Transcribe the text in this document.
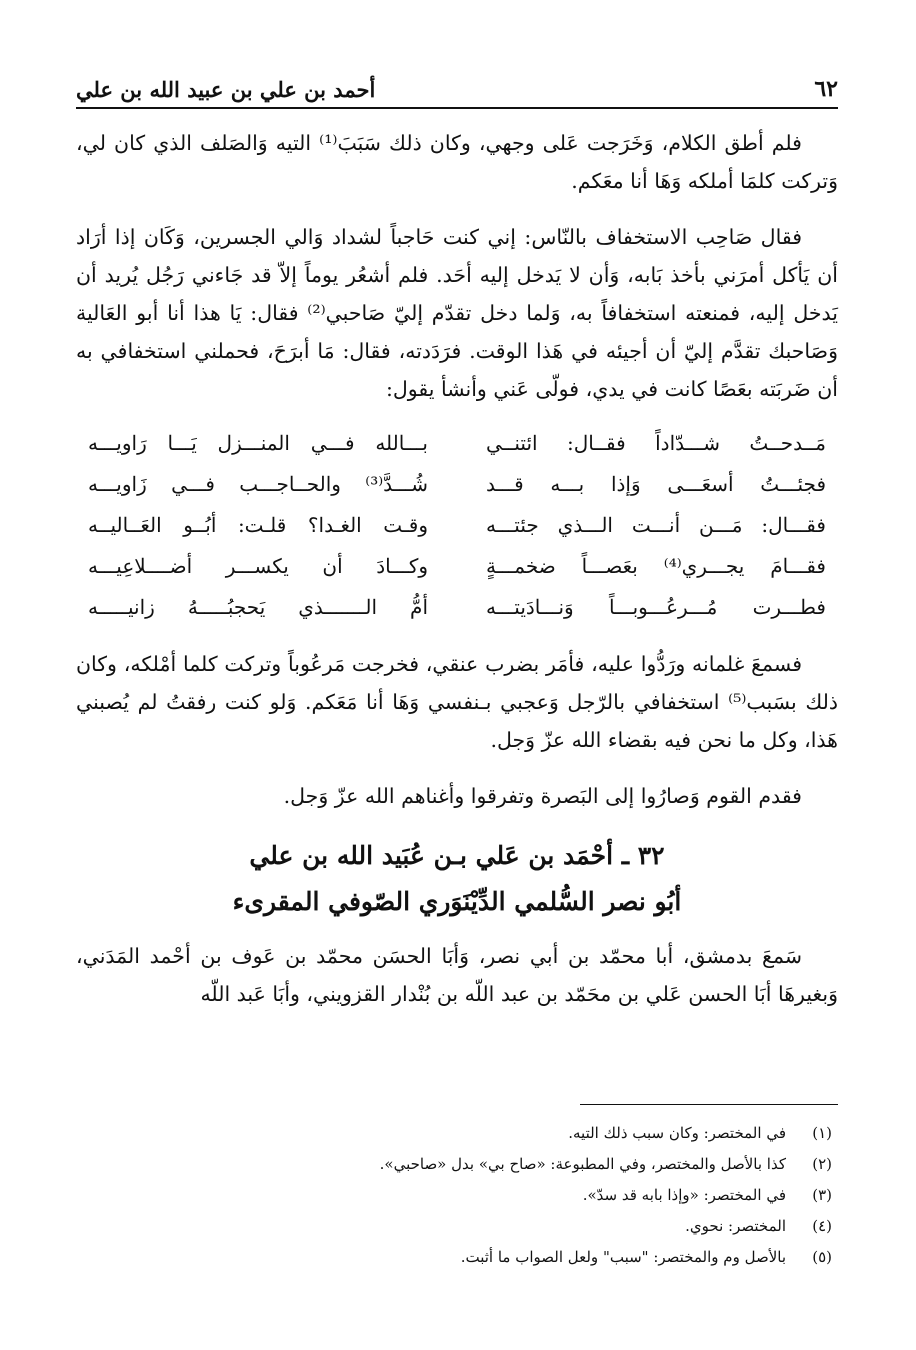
٦٢
أحمد بن علي بن عبيد الله بن علي

فلم أطق الكلام، وَخَرَجت عَلى وجهي، وكان ذلك سَبَبَ⁽¹⁾ التيه وَالصَلف الذي كان لي، وَتركت كلمَا أملكه وَهَا أنا معَكم.

فقال صَاحِب الاستخفاف بالنّاس: إني كنت حَاجباً لشداد وَالي الجسرين، وَكَان إذا أرَاد أن يَأكل أمرَني بأخذ بَابه، وَأن لا يَدخل إليه أحَد. فلم أشعُر يوماً إلاّ قد جَاءني رَجُل يُريد أن يَدخل إليه، فمنعته استخفافاً به، وَلما دخل تقدّم إليّ صَاحبي⁽²⁾ فقال: يَا هذا أنا أبو العَالية وَصَاحبك تقدَّم إليّ أن أجيئه في هَذا الوقت. فرَدَدته، فقال: مَا أبرَحَ، فحملني استخفافي به أن ضَربَته بعَصًا كانت في يدي، فولّى عَني وأنشأ يقول:

مَــدحــتُ شـــدّاداً فقــال: ائتنــي
بـــالله فـــي المنـــزل يَـــا رَاويـــه
فجئـــتُ أسعَـــى وَإذا بـــه قـــد
شُـــدَّ⁽³⁾ والحــاجـــب فـــي زَاويـــه
فقـــال: مَـــن أنـــت الـــذي جئتـــه
وقـت الغـدا؟ قلـت: أبُــو العَــاليــه
فقـــامَ يجـــري⁽⁴⁾ بعَصـــاً ضخمـــةٍ
وكـــادَ أن يكســـر أضــــلاعِيـــه
فطـــرت مُـــرعُـــوبـــاً وَنـــادَيتـــه
أمُّ الـــــــذي يَحجبُـــــهُ زانيـــــه

فسمعَ غلمانه ورَدُّوا عليه، فأمَر بضرب عنقي، فخرجت مَرعُوباً وتركت كلما أمْلكه، وكان ذلك بسَبب⁽⁵⁾ استخفافي بالرّجل وَعجبي بـنفسي وَهَا أنا مَعَكم. وَلو كنت رفقتُ لم يُصبني هَذا، وكل ما نحن فيه بقضاء الله عزّ وَجل.

فقدم القوم وَصارُوا إلى البَصرة وتفرقوا وأغناهم الله عزّ وَجل.

٣٢ ـ أحْمَد بن عَلي بـن عُبَيد الله بن علي
أبُو نصر السُّلمي الدِّيْنَوَري الصّوفي المقرىء

سَمعَ بدمشق، أبا محمّد بن أبي نصر، وَأبَا الحسَن محمّد بن عَوف بن أحْمد المَدَني، وَبغيرهَا أبَا الحسن عَلي بن محَمّد بن عبد اللّه بن بُنْدار القزويني، وأبَا عَبد اللّه

(١)
في المختصر: وكان سبب ذلك التيه.
(٢)
كذا بالأصل والمختصر، وفي المطبوعة: «صاح بي» بدل «صاحبي».
(٣)
في المختصر: «وإذا بابه قد سدّ».
(٤)
المختصر: نحوي.
(٥)
بالأصل وم والمختصر: "سبب" ولعل الصواب ما أثبت.
